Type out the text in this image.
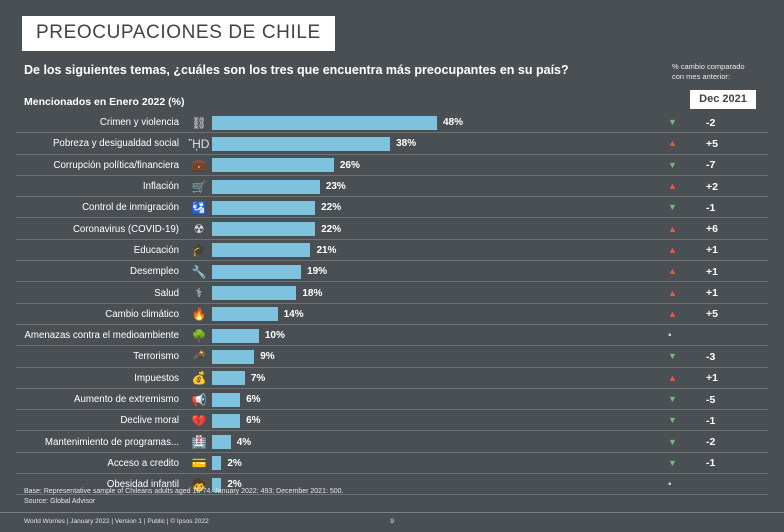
PREOCUPACIONES DE CHILE
De los siguientes temas, ¿cuáles son los tres que encuentra más preocupantes en su país?	% cambio comparado
con mes anterior:
Dec 2021
Mencionados en Enero 2022 (%)
Crimen y violencia	⛓	48%	▼	-2
Pobreza y desigualdad social ᾜD	38%	▲	+5
Corrupción política/financiera	💼	26%	▼	-7
Inflación	🛒	23%	▲	+2
Control de inmigración	🛂	22%	▼	-1
Coronavirus (COVID-19)	☢	22%	▲	+6
Educación	🎓	21%	▲	+1
Desempleo	🔧	19%	▲	+1
Salud	⚕	18%	▲	+1
Cambio climático	🔥	14%	▲	+5
Amenazas contra el medioambiente	🌳	10%	▪
Terrorismo	💣	9%	▼	-3
Impuestos	💰	7%	▲	+1
Aumento de extremismo	📢	6%	▼	-5
Declive moral	💔	6%	▼	-1
Mantenimiento de programas...	🏥	4%	▼	-2
Acceso a credito	💳	2%	▼	-1
Obesidad infantil	🧒	2%	▪
Base: Representative sample of Chileans adults aged 16-74. January 2022: 493; December 2021: 500.
Source: Global Advisor
World Worries | January 2022 | Version 1 | Public | © Ipsos 2022	9
